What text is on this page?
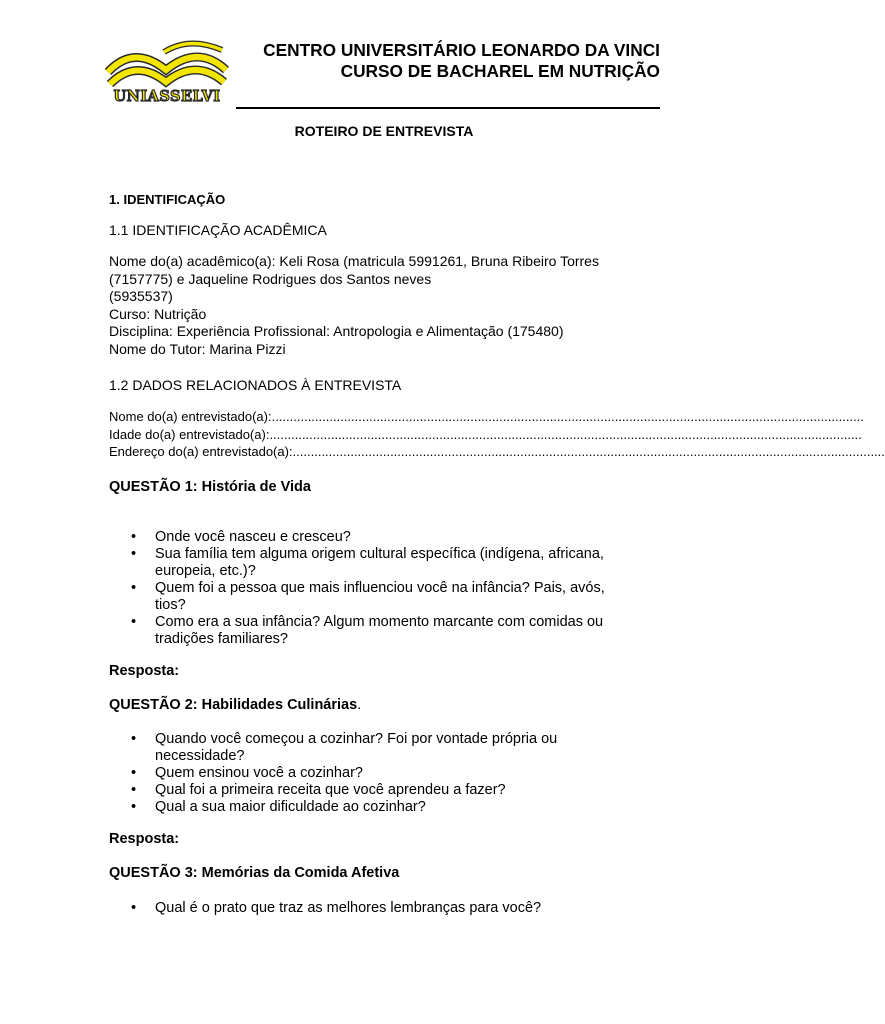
UNIASSELVI
CENTRO UNIVERSITÁRIO LEONARDO DA VINCI
CURSO DE BACHAREL EM NUTRIÇÃO
ROTEIRO DE ENTREVISTA
1. IDENTIFICAÇÃO
1.1 IDENTIFICAÇÃO ACADÊMICA
Nome do(a) acadêmico(a): Keli Rosa (matricula 5991261, Bruna Ribeiro Torres
(7157775) e Jaqueline Rodrigues dos Santos neves
(5935537)
Curso: Nutrição
Disciplina: Experiência Profissional: Antropologia e Alimentação (175480)
Nome do Tutor: Marina Pizzi
1.2 DADOS RELACIONADOS À ENTREVISTA
Nome do(a) entrevistado(a): ....................................................................................................................................................................
Idade do(a) entrevistado(a): ....................................................................................................................................................................
Endereço do(a) entrevistado(a): ....................................................................................................................................................................
QUESTÃO 1: História de Vida
• Onde você nasceu e cresceu?
• Sua família tem alguma origem cultural específica (indígena, africana,
europeia, etc.)?
• Quem foi a pessoa que mais influenciou você na infância? Pais, avós,
tios?
• Como era a sua infância? Algum momento marcante com comidas ou
tradições familiares?
Resposta:
QUESTÃO 2: Habilidades Culinárias.
• Quando você começou a cozinhar? Foi por vontade própria ou
necessidade?
• Quem ensinou você a cozinhar?
• Qual foi a primeira receita que você aprendeu a fazer?
• Qual a sua maior dificuldade ao cozinhar?
Resposta:
QUESTÃO 3: Memórias da Comida Afetiva
• Qual é o prato que traz as melhores lembranças para você?
